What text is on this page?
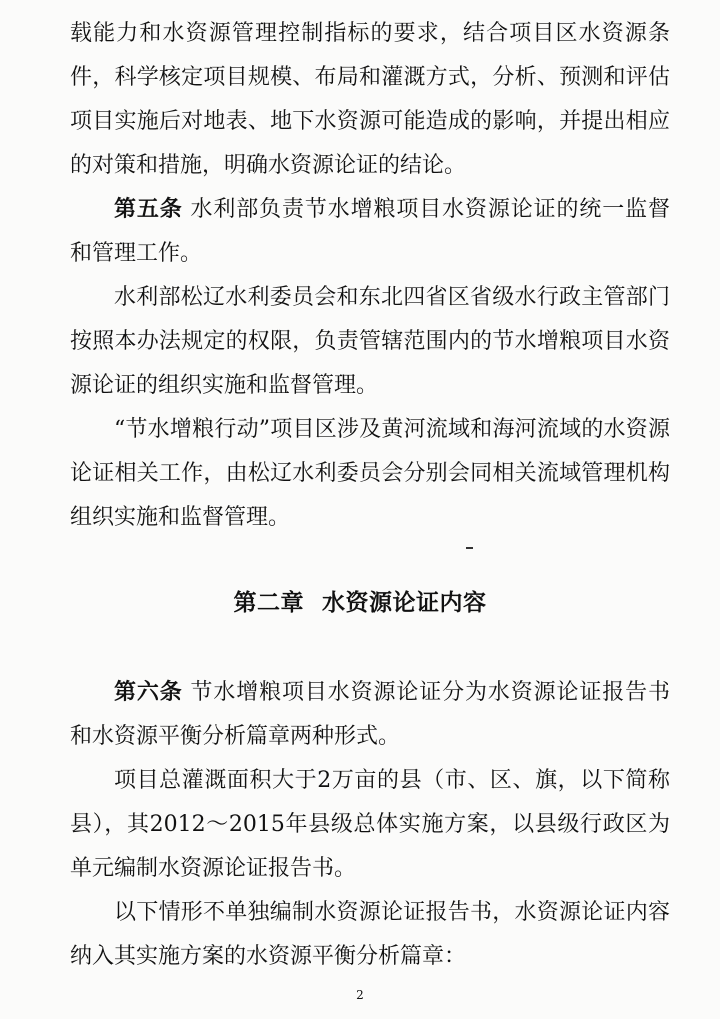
载能力和水资源管理控制指标的要求，结合项目区水资源条件，科学核定项目规模、布局和灌溉方式，分析、预测和评估项目实施后对地表、地下水资源可能造成的影响，并提出相应的对策和措施，明确水资源论证的结论。

第五条 水利部负责节水增粮项目水资源论证的统一监督和管理工作。

水利部松辽水利委员会和东北四省区省级水行政主管部门按照本办法规定的权限，负责管辖范围内的节水增粮项目水资源论证的组织实施和监督管理。

“节水增粮行动”项目区涉及黄河流域和海河流域的水资源论证相关工作，由松辽水利委员会分别会同相关流域管理机构组织实施和监督管理。

第二章 水资源论证内容

第六条 节水增粮项目水资源论证分为水资源论证报告书和水资源平衡分析篇章两种形式。

项目总灌溉面积大于2万亩的县（市、区、旗，以下简称县），其2012～2015年县级总体实施方案，以县级行政区为单元编制水资源论证报告书。

以下情形不单独编制水资源论证报告书，水资源论证内容纳入其实施方案的水资源平衡分析篇章：

2
